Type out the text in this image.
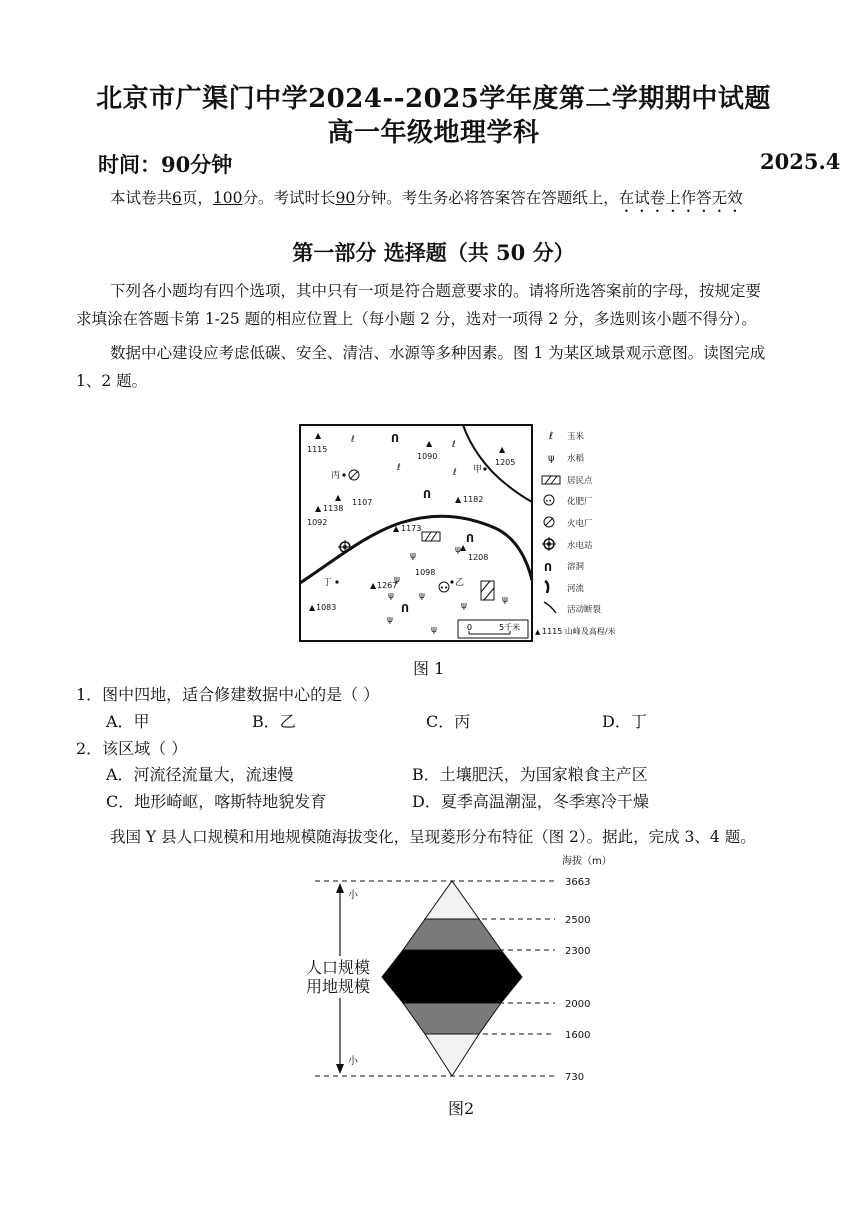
北京市广渠门中学2024--2025学年度第二学期期中试题
高一年级地理学科
时间：90分钟	2025.4
本试卷共6页，100分。考试时长90分钟。考生务必将答案答在答题纸上，在试卷上作答无效
第一部分 选择题（共 50 分）
下列各小题均有四个选项，其中只有一项是符合题意要求的。请将所选答案前的字母，按规定要
求填涂在答题卡第 1-25 题的相应位置上（每小题 2 分，选对一项得 2 分，多选则该小题不得分）。
数据中心建设应考虑低碳、安全、清洁、水源等多种因素。图 1 为某区域景观示意图。读图完成
1、2 题。
▲
1115
▲
1090
▲
1205
▲ 1138
▲
1107	▲ 1182
1092
▲ 1173
▲
1208
1098
▲ 1267
▲ 1083
甲
乙
丙
丁
Ո
Ո
Ո
Ո
ℓ
ℓ
ℓ
ℓ
ψ
ψ
ψ
ψ
ψ
ψ
ψ
ψ
ψ
••
0	5千米
ℓ 玉米
ψ 水稻
居民点
•• 化肥厂
火电厂
水电站
Ո 溶洞
河流
活动断裂
▲ 1115 山峰及高程/米
图 1
1．图中四地，适合修建数据中心的是（ ）
A．甲	B．乙	C．丙	D．丁
2．该区域（ ）
A．河流径流量大，流速慢	B．土壤肥沃，为国家粮食主产区
C．地形崎岖，喀斯特地貌发育	D．夏季高温潮湿，冬季寒冷干燥
我国 Y 县人口规模和用地规模随海拔变化，呈现菱形分布特征（图 2）。据此，完成 3、4 题。
海拔（m）
3663
2500
2300
2000
1600
730
小
小
人口规模
用地规模
图2
